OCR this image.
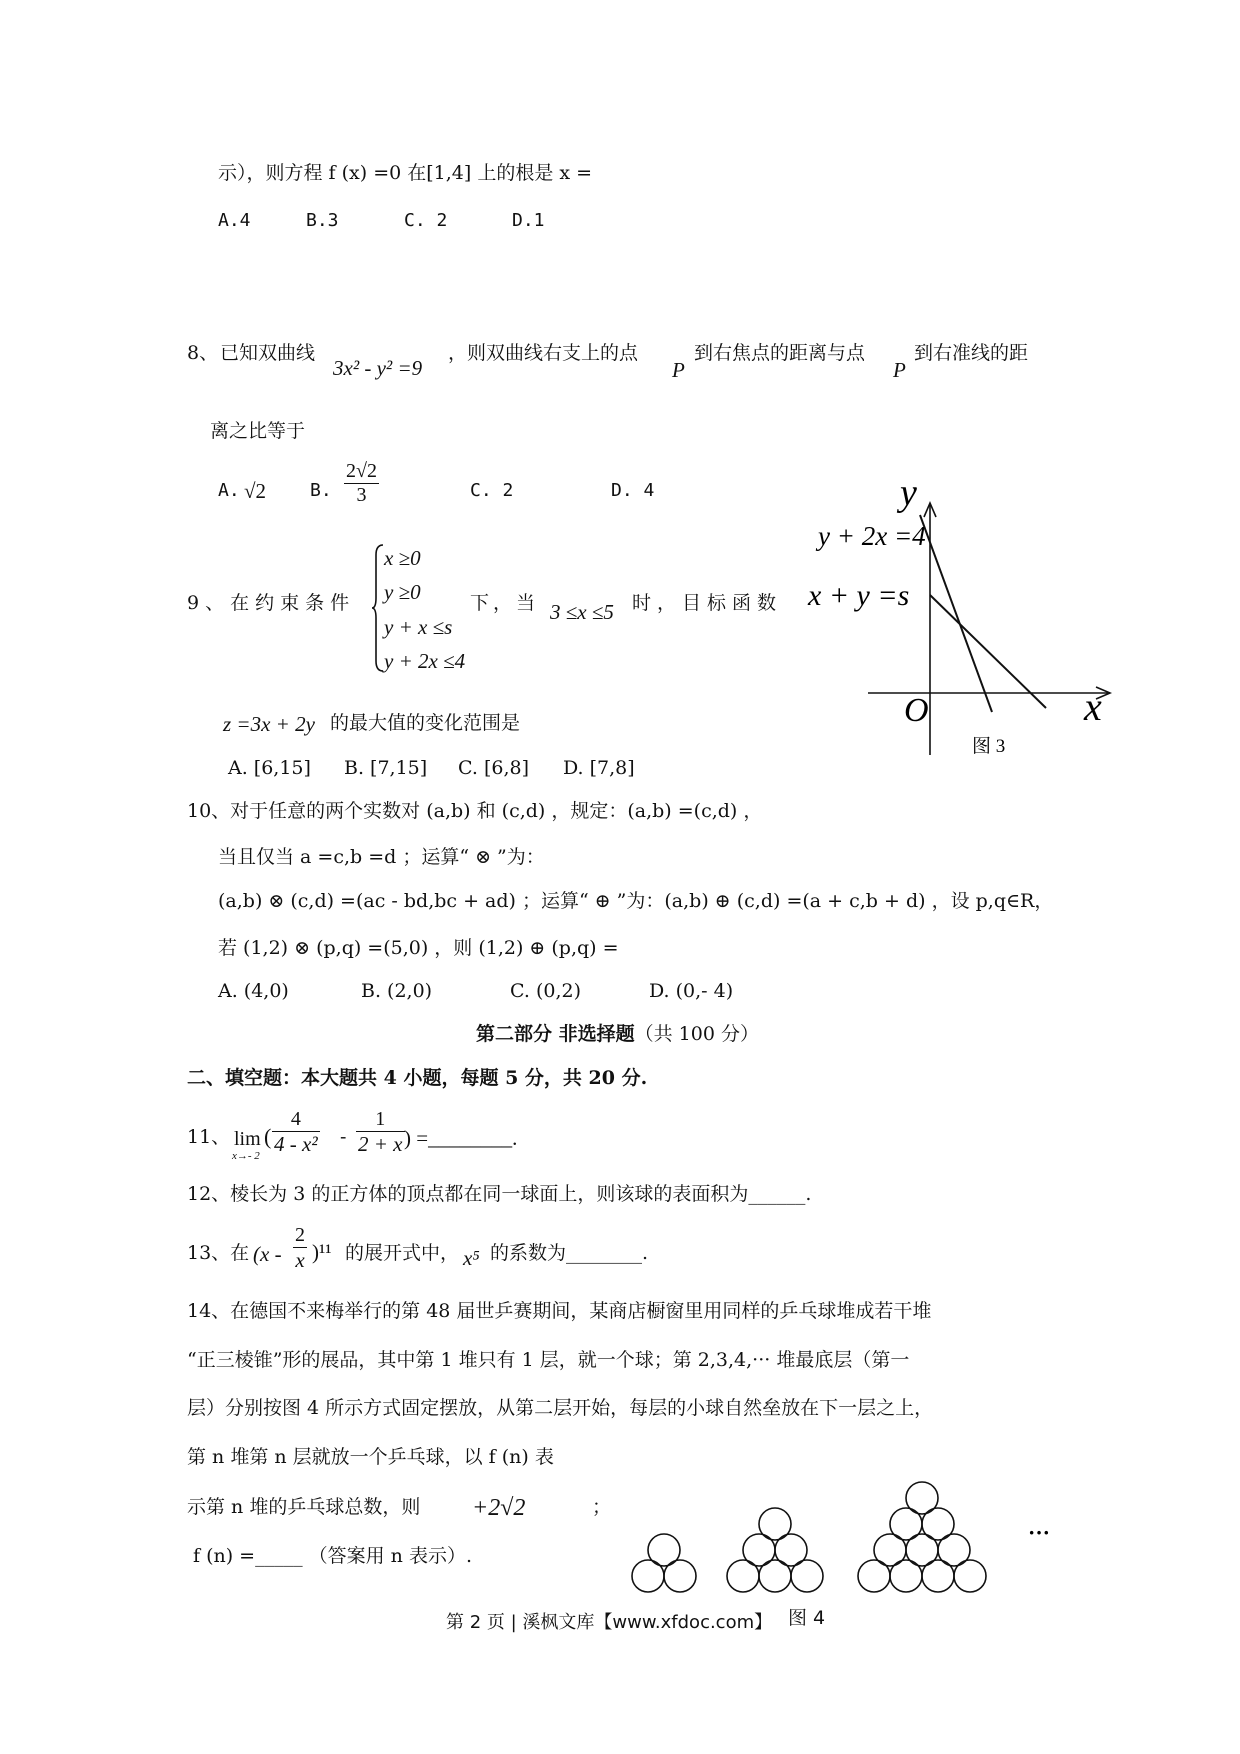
示），则方程 f (x) =0 在[1,4] 上的根是 x =
A.4	B.3	C. 2	D.1
8、 已知双曲线
3x² - y² =9
，则双曲线右支上的点
P
到右焦点的距离与点
P
到右准线的距
离之比等于
A. √2 B. $\frac{2√2}{3}$	C. 2	D. 4
9、在约束条件
x ≥0
y ≥0
y + x ≤s
y + 2x ≤4
下，当 3 ≤x ≤5 时，目标函数
z =3x + 2y 的最大值的变化范围是
A. [6,15] B. [7,15] C. [6,8] D. [7,8]
y
x
O
y + 2x =4
x + y =s
图 3
10、对于任意的两个实数对 (a,b) 和 (c,d) ，规定：(a,b) =(c,d) ，
当且仅当 a =c,b =d ；运算“ ⊗ ”为：
(a,b) ⊗ (c,d) =(ac - bd,bc + ad) ；运算“ ⊕ ”为：(a,b) ⊕ (c,d) =(a + c,b + d) ，设 p,q∈R，
若 (1,2) ⊗ (p,q) =(5,0) ，则 (1,2) ⊕ (p,q) =
A. (4,0)	B. (2,0)	C. (0,2)	D. (0,- 4)
第二部分 非选择题（共 100 分）
二、填空题：本大题共 4 小题，每题 5 分，共 20 分.
11、 lim
x→- 2
( $\frac{4}{\text{4 - x²}} - \frac{1}{2 + x}$ ) =________.
12、棱长为 3 的正方体的顶点都在同一球面上，则该球的表面积为______.
13、在 $(x - \frac{2}{x} )^{11}$ 的展开式中， x⁵ 的系数为________.
14、在德国不来梅举行的第 48 届世乒赛期间，某商店橱窗里用同样的乒乓球堆成若干堆
“正三棱锥”形的展品，其中第 1 堆只有 1 层，就一个球；第 2,3,4,··· 堆最底层（第一
层）分别按图 4 所示方式固定摆放，从第二层开始，每层的小球自然垒放在下一层之上，
第 n 堆第 n 层就放一个乒乓球，以 f (n) 表
示第 n 堆的乒乓球总数，则 +2√2	；
f (n) =_____ （答案用 n 表示）.
···
第 2 页 | 溪枫文库【www.xfdoc.com】 图 4
